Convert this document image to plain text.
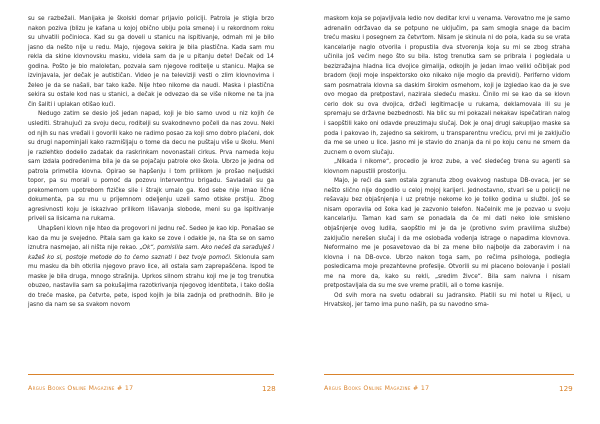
su se razbežali. Manijaka je školski domar prijavio policiji. Patrola je stigla brzo nakon poziva (blizu je kafana u kojoj obično ubiju pola smene) i u rekordnom roku su uhvatili počinioca. Kad su ga doveli u stanicu na ispitivanje, odmah mi je bilo jasno da nešto nije u redu. Majo, njegova sekira je bila plastična. Kada sam mu rekla da skine klovnovsku masku, videla sam da je u pitanju dete! Dečak od 14 godina. Pošto je bio maloletan, pozvala sam njegove roditelje u stanicu. Majka se izvinjavala, jer dečak je autističan. Video je na televiziji vesti o zlim klovnovima i želeo je da se našali, bar tako kaže. Nije hteo nikome da naudi. Maska i plastična sekira su ostale kod nas u stanici, a dečak je odvezao da se više nikome ne ta jna čin šaliti i uplakan otišao kući.

Nedugo zatim se desio još jedan napad, koji je bio samo uvod u niz kojih će uslediti. Strahujući za svoju decu, roditelji su svakodnevno počeli da nas zovu. Neki od njih su nas vređali i govorili kako ne radimo posao za koji smo dobro plaćeni, dok su drugi napominjali kako razmišljaju o tome da decu ne puštaju više u školu. Meni je raz​lehtko dodelio zadatak da raskrinkam novonastali cirkus. Prva nameda koju sam izdala podređenima bila je da se pojačaju patrole oko škola. Ubrzo je jedna od patrola primetila klovna. Opirao se hapšenju i tom prilikom je prošao neljudski topor, pa su morali u pomoć da pozovu interventnu brigadu. Savladali su ga prekomernom upotrebom fizičke sile i štrajk umalo ga. Kod sebe nije imao lične dokumenta, pa su mu u prijemnom odeljenju uzeli samo otiske prstiju. Zbog agresivnosti koju je iskazivao prilikom lišavanja slobode, meni su ga ispitivanje priveli sa lisicama na rukama.

Uhapšeni klovn nije htео da progovori ni jednu reč. Sedeo je kao kip. Ponašao se kao da mu je svejedno. Pitala sam ga kako se zove i odakle je, na šta se on samo iznutra nasmejao, ali ništa nije rekao. „Ok“, pomislila sam. Ako nećeš da sarađuješ i kažeš ko si, postoje metode do to ćemo saznati i bez tvoje pomoći. Sklonula sam mu masku da bih otkrila njegovo pravo lice, ali ostala sam zaprepašćena. Ispod te maske je bila druga, mnogo strašnija. Uprkos silnom strahu koji me je tog trenutka obuzeo, nastavila sam sa pokušajima razotkrivanja njegovog identiteta, i tako došla do treće maske, pa četvrte, pete, ispod kojih je bila zadnja od prethodnih. Bilo je jasno da nam se sa svakom novom

Argus Books Online Magazine # 17	128

maskom koja se pojavljivala ledio nov deditar krvi u venama. Verovatno me je samo adrenalin održavao da se potpuno ne uključim, pa sam smogla snage da bacim treću masku i posegnem za četvrtom. Nisam je skinula ni do pola, kada su se vrata kancelarije naglo otvorila i propustila dva stvorenja koja su mi se zbog straha učinila još većim nego što su bila. Istog trenutka sam se pribrala i pogledala u bezizražajna hladna lica dvojice gimalija, odkojih je jedan imao veliki očibljak pod bradom (koji moje inspektorsko oko nikako nije moglo da previdi). Periferno vidom sam posmatrala klovna sa daskim širokim osmehom, koji je izgledao kao da je sve ovo mogao da pretpostavi, nazirala sledeću masku. Činilo mi se kao da se klovn cerio dok su ova dvojica, držeći legitimacije u rukama, deklamovala ili su je spremaju se državne bezbednosti. Na blic su mi pokazali nekakav ispečatiran nalog i saopštili kako oni odavde preuzimaju slučaj. Dok je onaj drugi sakupljao maske sa poda i pakovao ih, zajedno sa sekirom, u transparentnu vrećicu, prvi mi je zaključio da me se uneo u lice. Jasno mi je stavio do znanja da ni po koju cenu ne smem da zucnem o ovom slučaju.

„Nikada i nikome“, procedio je kroz zube, a već sledećeg trena su agenti sa klovnom napustili prostoriju.

Majo, je reći da sam ostala zgranuta zbog ovakvog nastupa DB-ovaca, jer se nešto slično nije dogodilo u celoj mojoj karijeri. Jednostavno, stvari se u policiji ne rešavaju bez objašnjenja i uz pretnje nekome ko je toliko godina u službi. Još se nisam oporavila od šoka kad je zazvonio telefon. Načelnik me je pozvao u svoju kancelariju. Taman kad sam se ponadala da će mi dati neko iole smisleno objašnjenje ovog ludila, saopštio mi je da je (protivno svim pravilima službe) zaključio nerešen slučaj i da me oslobađa vođenja istrage o napadima klovnova. Neformalno me je posavetovao da bi za mene bilo najbolje da zaboravim i na klovna i na DB-ovce. Ubrzo nakon toga sam, po rečima psihologa, podlegla posledicama moje prezahtevne profesije. Otvorili su mi placeno bolovanje i poslali me na more da, kako su rekli, „sredim živce“. Bila sam naivna i nisam pretpostavljala da su me sve vreme pratili, ali o tome kasnije.

Od svih mora na svetu odabrali su Jadransko. Platili su mi hotel u Rijeci, u Hrvatskoj, jer tamo ima puno naših, pa su navodno sma-

Argus Books Online Magazine # 17	129
